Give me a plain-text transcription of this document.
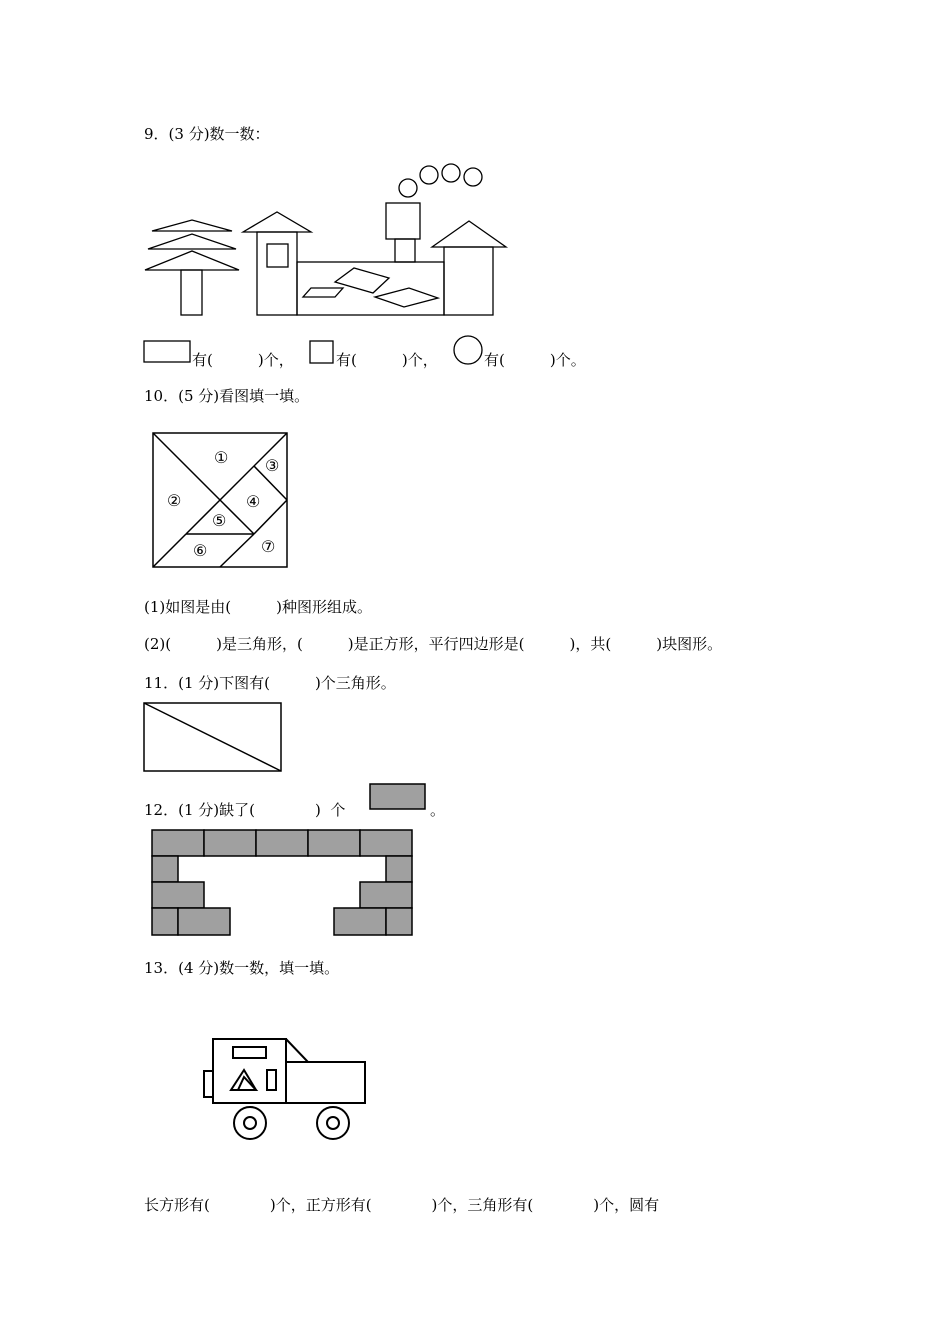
9．(3 分)数一数：
有(　　　)个，	有(　　　)个，	有(　　　)个。
10．(5 分)看图填一填。
①
②
③
④
⑤
⑥	⑦
(1)如图是由(　　　)种图形组成。
(2)(　　　)是三角形，(　　　)是正方形，平行四边形是(　　　)，共(　　　)块图形。
11．(1 分)下图有(　　　)个三角形。
12．(1 分)缺了(　　　　)  个	。
13．(4 分)数一数，填一填。
长方形有(　　　　)个，正方形有(　　　　)个，三角形有(　　　　)个，圆有
